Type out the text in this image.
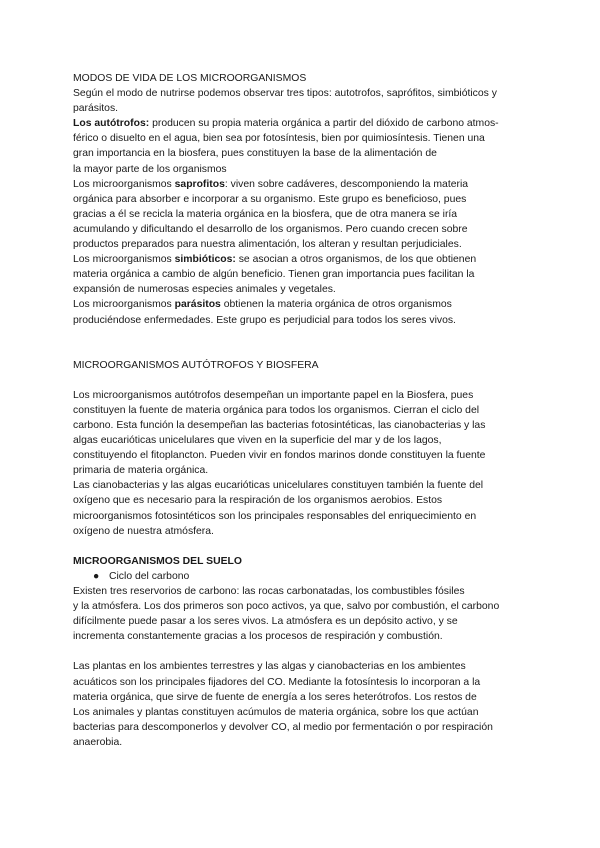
MODOS DE VIDA DE LOS MICROORGANISMOS
Según el modo de nutrirse podemos observar tres tipos: autotrofos, saprófitos, simbióticos y
parásitos.
Los autótrofos: producen su propia materia orgánica a partir del dióxido de carbono atmos-
férico o disuelto en el agua, bien sea por fotosíntesis, bien por quimiosíntesis. Tienen una
gran importancia en la biosfera, pues constituyen la base de la alimentación de
la mayor parte de los organismos
Los microorganismos saprofitos: viven sobre cadáveres, descomponiendo la materia
orgánica para absorber e incorporar a su organismo. Este grupo es beneficioso, pues
gracias a él se recicla la materia orgánica en la biosfera, que de otra manera se iría
acumulando y dificultando el desarrollo de los organismos. Pero cuando crecen sobre
productos preparados para nuestra alimentación, los alteran y resultan perjudiciales.
Los microorganismos simbióticos: se asocian a otros organismos, de los que obtienen
materia orgánica a cambio de algún beneficio. Tienen gran importancia pues facilitan la
expansión de numerosas especies animales y vegetales.
Los microorganismos parásitos obtienen la materia orgánica de otros organismos
produciéndose enfermedades. Este grupo es perjudicial para todos los seres vivos.
MICROORGANISMOS AUTÓTROFOS Y BIOSFERA
Los microorganismos autótrofos desempeñan un importante papel en la Biosfera, pues
constituyen la fuente de materia orgánica para todos los organismos. Cierran el ciclo del
carbono. Esta función la desempeñan las bacterias fotosintéticas, las cianobacterias y las
algas eucarióticas unicelulares que viven en la superficie del mar y de los lagos,
constituyendo el fitoplancton. Pueden vivir en fondos marinos donde constituyen la fuente
primaria de materia orgánica.
Las cianobacterias y las algas eucarióticas unicelulares constituyen también la fuente del
oxígeno que es necesario para la respiración de los organismos aerobios. Estos
microorganismos fotosintéticos son los principales responsables del enriquecimiento en
oxígeno de nuestra atmósfera.
MICROORGANISMOS DEL SUELO
● Ciclo del carbono
Existen tres reservorios de carbono: las rocas carbonatadas, los combustibles fósiles
y la atmósfera. Los dos primeros son poco activos, ya que, salvo por combustión, el carbono
difícilmente puede pasar a los seres vivos. La atmósfera es un depósito activo, y se
incrementa constantemente gracias a los procesos de respiración y combustión.
Las plantas en los ambientes terrestres y las algas y cianobacterias en los ambientes
acuáticos son los principales fijadores del CO. Mediante la fotosíntesis lo incorporan a la
materia orgánica, que sirve de fuente de energía a los seres heterótrofos. Los restos de
Los animales y plantas constituyen acúmulos de materia orgánica, sobre los que actúan
bacterias para descomponerlos y devolver CO, al medio por fermentación o por respiración
anaerobia.
